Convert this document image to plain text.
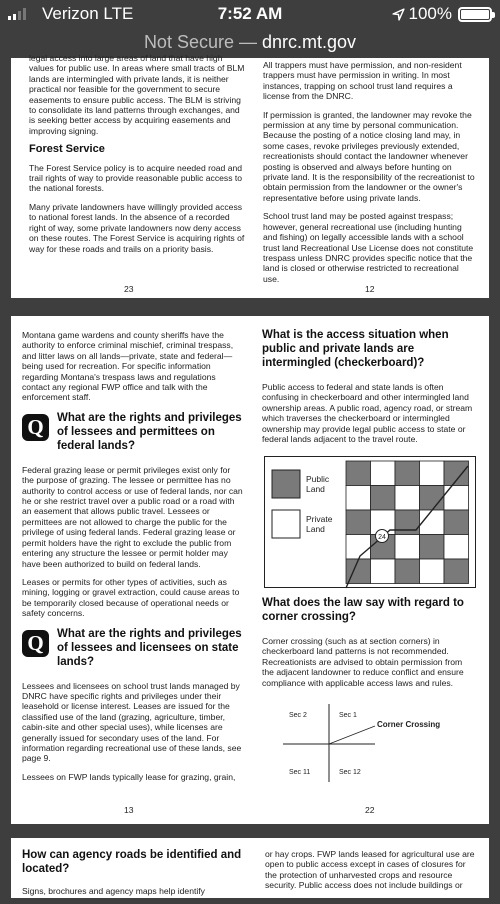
Verizon LTE	7:52 AM	100%
Not Secure — dnrc.mt.gov

legal access into large areas of land that have high values for public use. In areas where small tracts of BLM lands are intermingled with private lands, it is neither practical nor feasible for the government to secure easements to ensure public access. The BLM is striving to consolidate its land patterns through exchanges, and is seeking better access by acquiring easements and improving signing.

Forest Service

The Forest Service policy is to acquire needed road and trail rights of way to provide reasonable public access to the national forests.

Many private landowners have willingly provided access to national forest lands. In the absence of a recorded right of way, some private landowners now deny access on these routes. The Forest Service is acquiring rights of way for these roads and trails on a priority basis.

23

All trappers must have permission, and non-resident trappers must have permission in writing. In most instances, trapping on school trust land requires a license from the DNRC.

If permission is granted, the landowner may revoke the permission at any time by personal communication. Because the posting of a notice closing land may, in some cases, revoke privileges previously extended, recreationists should contact the landowner whenever posting is observed and always before hunting on private land. It is the responsibility of the recreationist to obtain permission from the landowner or the owner's representative before using private lands.

School trust land may be posted against trespass; however, general recreational use (including hunting and fishing) on legally accessible lands with a school trust land Recreational Use License does not constitute trespass unless DNRC provides specific notice that the land is closed or otherwise restricted to recreational use.

12

Montana game wardens and county sheriffs have the authority to enforce criminal mischief, criminal trespass, and litter laws on all lands—private, state and federal—being used for recreation. For specific information regarding Montana's trespass laws and regulations contact any regional FWP office and talk with the enforcement staff.

Q	What are the rights and privileges of lessees and permittees on federal lands?

Federal grazing lease or permit privileges exist only for the purpose of grazing. The lessee or permittee has no authority to control access or use of federal lands, nor can he or she restrict travel over a public road or a road with an easement that allows public travel. Lessees or permittees are not allowed to charge the public for the privilege of using federal lands. Federal grazing lease or permit holders have the right to exclude the public from entering any structure the lessee or permit holder may have been authorized to build on federal lands.

Leases or permits for other types of activities, such as mining, logging or gravel extraction, could cause areas to be temporarily closed because of operational needs or safety concerns.

Q	What are the rights and privileges of lessees and licensees on state lands?

Lessees and licensees on school trust lands managed by DNRC have specific rights and privileges under their leasehold or license interest. Leases are issued for the classified use of the land (grazing, agriculture, timber, cabin-site and other special uses), while licenses are generally issued for secondary uses of the land. For information regarding recreational use of these lands, see page 9.

Lessees on FWP lands typically lease for grazing, grain,

13
What is the access situation when public and private lands are intermingled (checkerboard)?

Public access to federal and state lands is often confusing in checkerboard and other intermingled land ownership areas. A public road, agency road, or stream which traverses the checkerboard or intermingled ownership may provide legal public access to state or federal lands adjacent to the travel route.

Public
Land
Private
Land
24
What does the law say with regard to corner crossing?

Corner crossing (such as at section corners) in checkerboard land patterns is not recommended. Recreationists are advised to obtain permission from the adjacent landowner to reduce conflict and ensure compliance with applicable access laws and rules.

Sec 2	Sec 1
Sec 11	Sec 12
Corner Crossing
22
How can agency roads be identified and located?

Signs, brochures and agency maps help identify

or hay crops. FWP lands leased for agricultural use are open to public access except in cases of closures for the protection of unharvested crops and resource security. Public access does not include buildings or
